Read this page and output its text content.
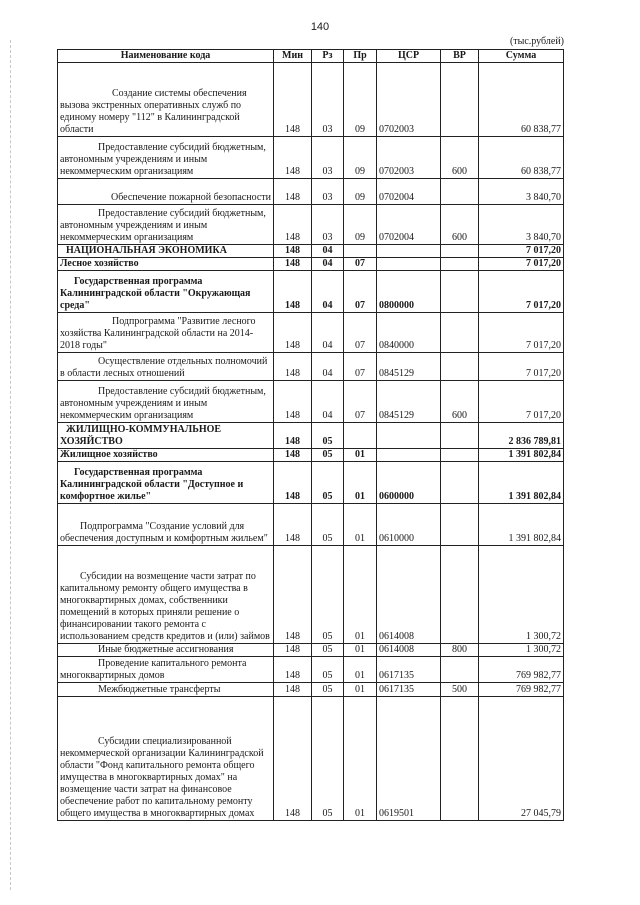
140
(тыс.рублей)
Наименование кода	Мин	Рз	Пр	ЦСР	ВР	Сумма

Создание системы обеспечения вызова экстренных оперативных служб по единому номеру "112" в Калининградской области	148	03	09	0702003		60 838,77

Предоставление субсидий бюджетным, автономным учреждениям и иным некоммерческим организациям	148	03	09	0702003	600	60 838,77

Обеспечение пожарной безопасности	148	03	09	0702004		3 840,70

Предоставление субсидий бюджетным, автономным учреждениям и иным некоммерческим организациям	148	03	09	0702004	600	3 840,70

НАЦИОНАЛЬНАЯ ЭКОНОМИКА	148	04				7 017,20
Лесное хозяйство	148	04	07			7 017,20

Государственная программа Калининградской области "Окружающая среда"	148	04	07	0800000		7 017,20

Подпрограмма "Развитие лесного хозяйства Калининградской области на 2014-2018 годы"	148	04	07	0840000		7 017,20

Осуществление отдельных полномочий в области лесных отношений	148	04	07	0845129		7 017,20

Предоставление субсидий бюджетным, автономным учреждениям и иным некоммерческим организациям	148	04	07	0845129	600	7 017,20

ЖИЛИЩНО-КОММУНАЛЬНОЕ ХОЗЯЙСТВО	148	05				2 836 789,81
Жилищное хозяйство	148	05	01			1 391 802,84

Государственная программа Калининградской области "Доступное и комфортное жилье"	148	05	01	0600000		1 391 802,84

Подпрограмма "Создание условий для обеспечения доступным и комфортным жильем"	148	05	01	0610000		1 391 802,84

Субсидии на возмещение части затрат по капитальному ремонту общего имущества в многоквартирных домах, собственники помещений в которых приняли решение о финансировании такого ремонта с использованием средств кредитов и (или) займов	148	05	01	0614008		1 300,72

Иные бюджетные ассигнования	148	05	01	0614008	800	1 300,72

Проведение капитального ремонта многоквартирных домов	148	05	01	0617135		769 982,77

Межбюджетные трансферты	148	05	01	0617135	500	769 982,77

Субсидии специализированной некоммерческой организации Калининградской области "Фонд капитального ремонта общего имущества в многоквартирных домах" на возмещение части затрат на финансовое обеспечение работ по капитальному ремонту общего имущества в многоквартирных домах	148	05	01	0619501		27 045,79
